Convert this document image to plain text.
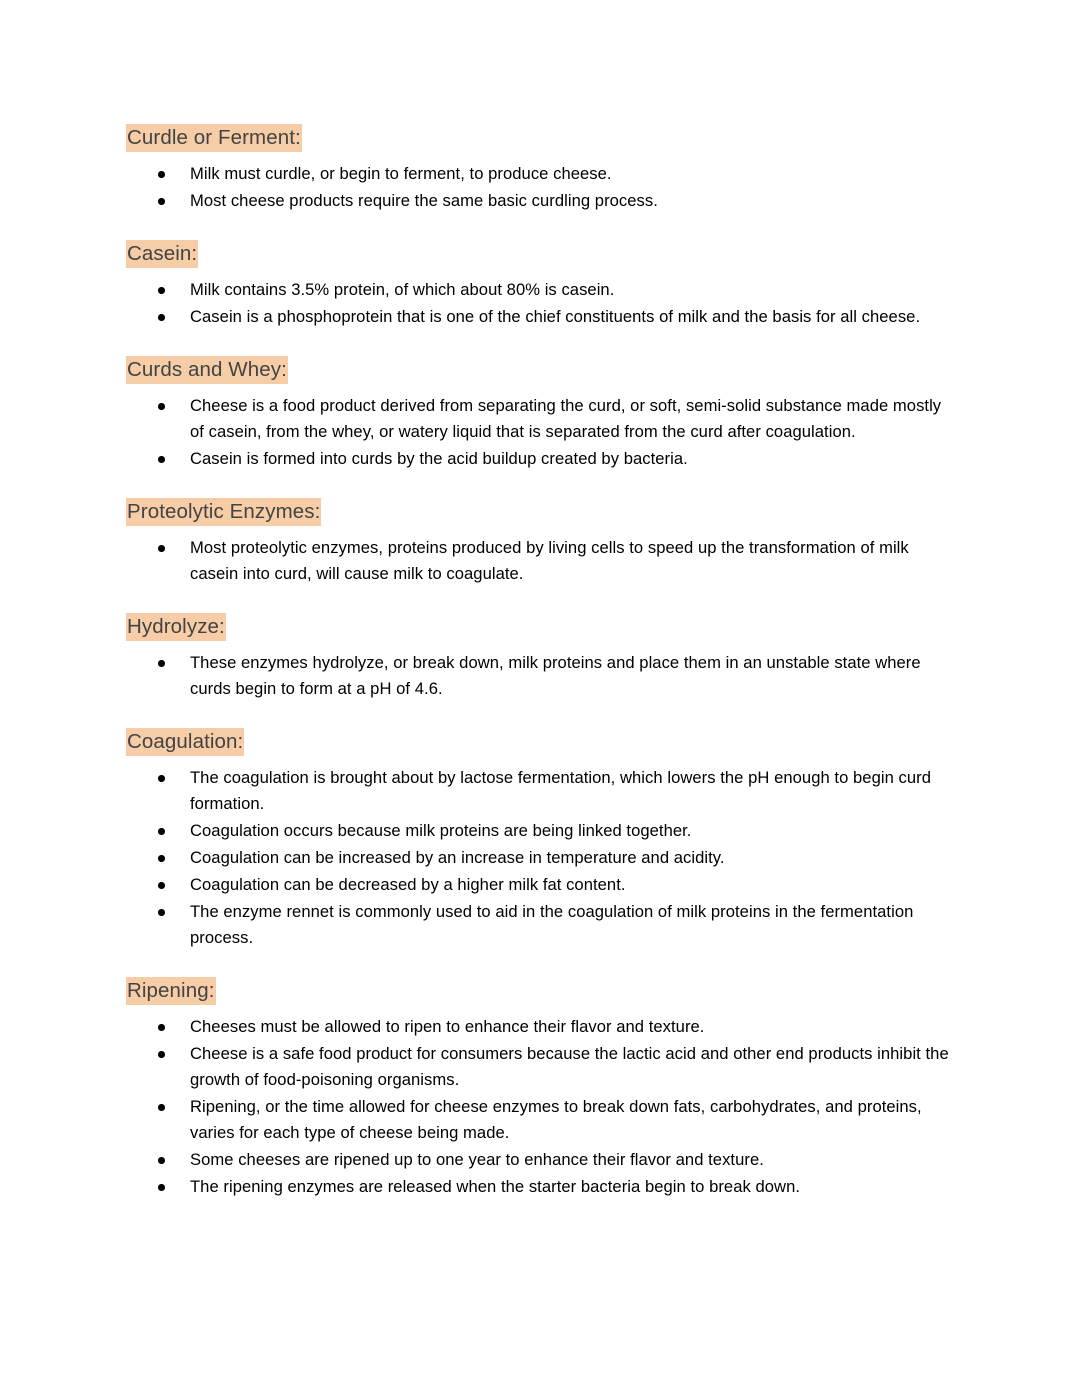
Curdle or Ferment:
Milk must curdle, or begin to ferment, to produce cheese.
Most cheese products require the same basic curdling process.
Casein:
Milk contains 3.5% protein, of which about 80% is casein.
Casein is a phosphoprotein that is one of the chief constituents of milk and the basis for all cheese.
Curds and Whey:
Cheese is a food product derived from separating the curd, or soft, semi-solid substance made mostly of casein, from the whey, or watery liquid that is separated from the curd after coagulation.
Casein is formed into curds by the acid buildup created by bacteria.
Proteolytic Enzymes:
Most proteolytic enzymes, proteins produced by living cells to speed up the transformation of milk casein into curd, will cause milk to coagulate.
Hydrolyze:
These enzymes hydrolyze, or break down, milk proteins and place them in an unstable state where curds begin to form at a pH of 4.6.
Coagulation:
The coagulation is brought about by lactose fermentation, which lowers the pH enough to begin curd formation.
Coagulation occurs because milk proteins are being linked together.
Coagulation can be increased by an increase in temperature and acidity.
Coagulation can be decreased by a higher milk fat content.
The enzyme rennet is commonly used to aid in the coagulation of milk proteins in the fermentation process.
Ripening:
Cheeses must be allowed to ripen to enhance their flavor and texture.
Cheese is a safe food product for consumers because the lactic acid and other end products inhibit the growth of food-poisoning organisms.
Ripening, or the time allowed for cheese enzymes to break down fats, carbohydrates, and proteins, varies for each type of cheese being made.
Some cheeses are ripened up to one year to enhance their flavor and texture.
The ripening enzymes are released when the starter bacteria begin to break down.
